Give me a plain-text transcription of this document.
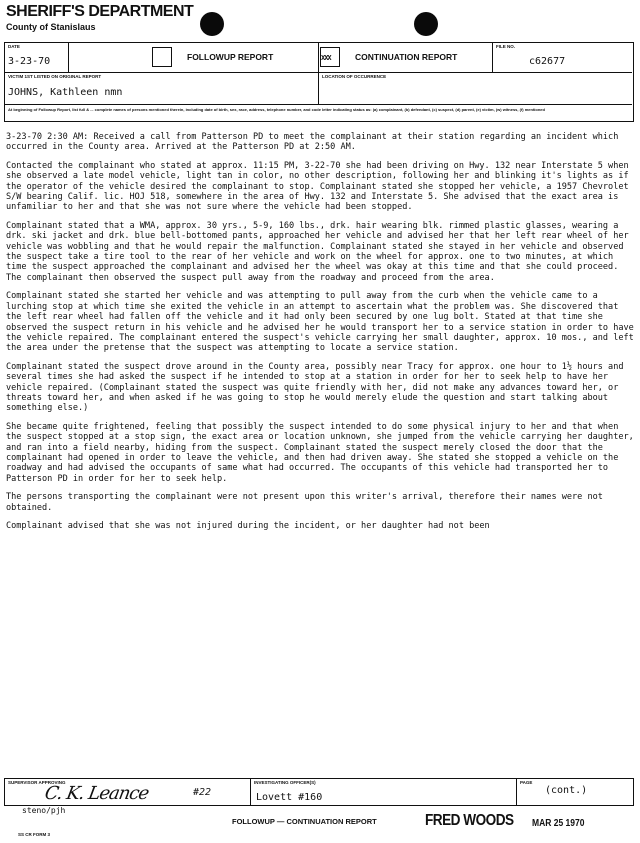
SHERIFF'S DEPARTMENT
County of Stanislaus
DATE
3-23-70	FOLLOWUP REPORT	XXX	CONTINUATION REPORT
FILE NO.
c62677
VICTIM 1ST LISTED ON ORIGINAL REPORT
JOHNS, Kathleen nmn
LOCATION OF OCCURRENCE
At beginning of Followup Report, list full & ... complete names of persons mentioned therein, including date of birth, sex, race, address, telephone number, and code letter indicating status as: (a) complainant, (b) defendant, (c) suspect, (d) parent, (e) victim, (w) witness, (f) mentioned

3-23-70 2:30 AM: Received a call from Patterson PD to meet the complainant at their station regarding an incident which occurred in the County area. Arrived at the Patterson PD at 2:50 AM.

Contacted the complainant who stated at approx. 11:15 PM, 3-22-70 she had been driving on Hwy. 132 near Interstate 5 when she observed a late model vehicle, light tan in color, no other description, following her and blinking it's lights as if the operator of the vehicle desired the complainant to stop. Complainant stated she stopped her vehicle, a 1957 Chevrolet S/W bearing Calif. lic. HOJ 518, somewhere in the area of Hwy. 132 and Interstate 5. She advised that the exact area is unfamiliar to her and that she was not sure where the vehicle had been stopped.

Complainant stated that a WMA, approx. 30 yrs., 5-9, 160 lbs., drk. hair wearing blk. rimmed plastic glasses, wearing a drk. ski jacket and drk. blue bell-bottomed pants, approached her vehicle and advised her that her left rear wheel of her vehicle was wobbling and that he would repair the malfunction. Complainant stated she stayed in her vehicle and observed the suspect take a tire tool to the rear of her vehicle and work on the wheel for approx. one to two minutes, at which time the suspect approached the complainant and advised her the wheel was okay at this time and that she could proceed. The complainant then observed the suspect pull away from the roadway and proceed from the area.

Complainant stated she started her vehicle and was attempting to pull away from the curb when the vehicle came to a lurching stop at which time she exited the vehicle in an attempt to ascertain what the problem was. She discovered that the left rear wheel had fallen off the vehicle and it had only been secured by one lug bolt. Stated at that time she observed the suspect return in his vehicle and he advised her he would transport her to a service station in order to have the vehicle repaired. The complainant entered the suspect's vehicle carrying her small daughter, approx. 10 mos., and left the area under the pretense that the suspect was attempting to locate a service station.

Complainant stated the suspect drove around in the County area, possibly near Tracy for approx. one hour to 1½ hours and several times she had asked the suspect if he intended to stop at a station in order for her to seek help to have her vehicle repaired. (Complainant stated the suspect was quite friendly with her, did not make any advances toward her, or threats toward her, and when asked if he was going to stop he would merely elude the question and start talking about something else.)

She became quite frightened, feeling that possibly the suspect intended to do some physical injury to her and that when the suspect stopped at a stop sign, the exact area or location unknown, she jumped from the vehicle carrying her daughter, and ran into a field nearby, hiding from the suspect. Complainant stated the suspect merely closed the door that the complainant had opened in order to leave the vehicle, and then had driven away. She stated she stopped a vehicle on the roadway and had advised the occupants of same what had occurred. The occupants of this vehicle had transported her to Patterson PD in order for her to seek help.

The persons transporting the complainant were not present upon this writer's arrival, therefore their names were not obtained.

Complainant advised that she was not injured during the incident, or her daughter had not been

SUPERVISOR APPROVING
C. K. Leance	#22
INVESTIGATING OFFICER(S)
Lovett #160
PAGE
(cont.)
steno/pjh
SS CR FORM 3
FOLLOWUP — CONTINUATION REPORT	FRED WOODS MAR 25 1970
